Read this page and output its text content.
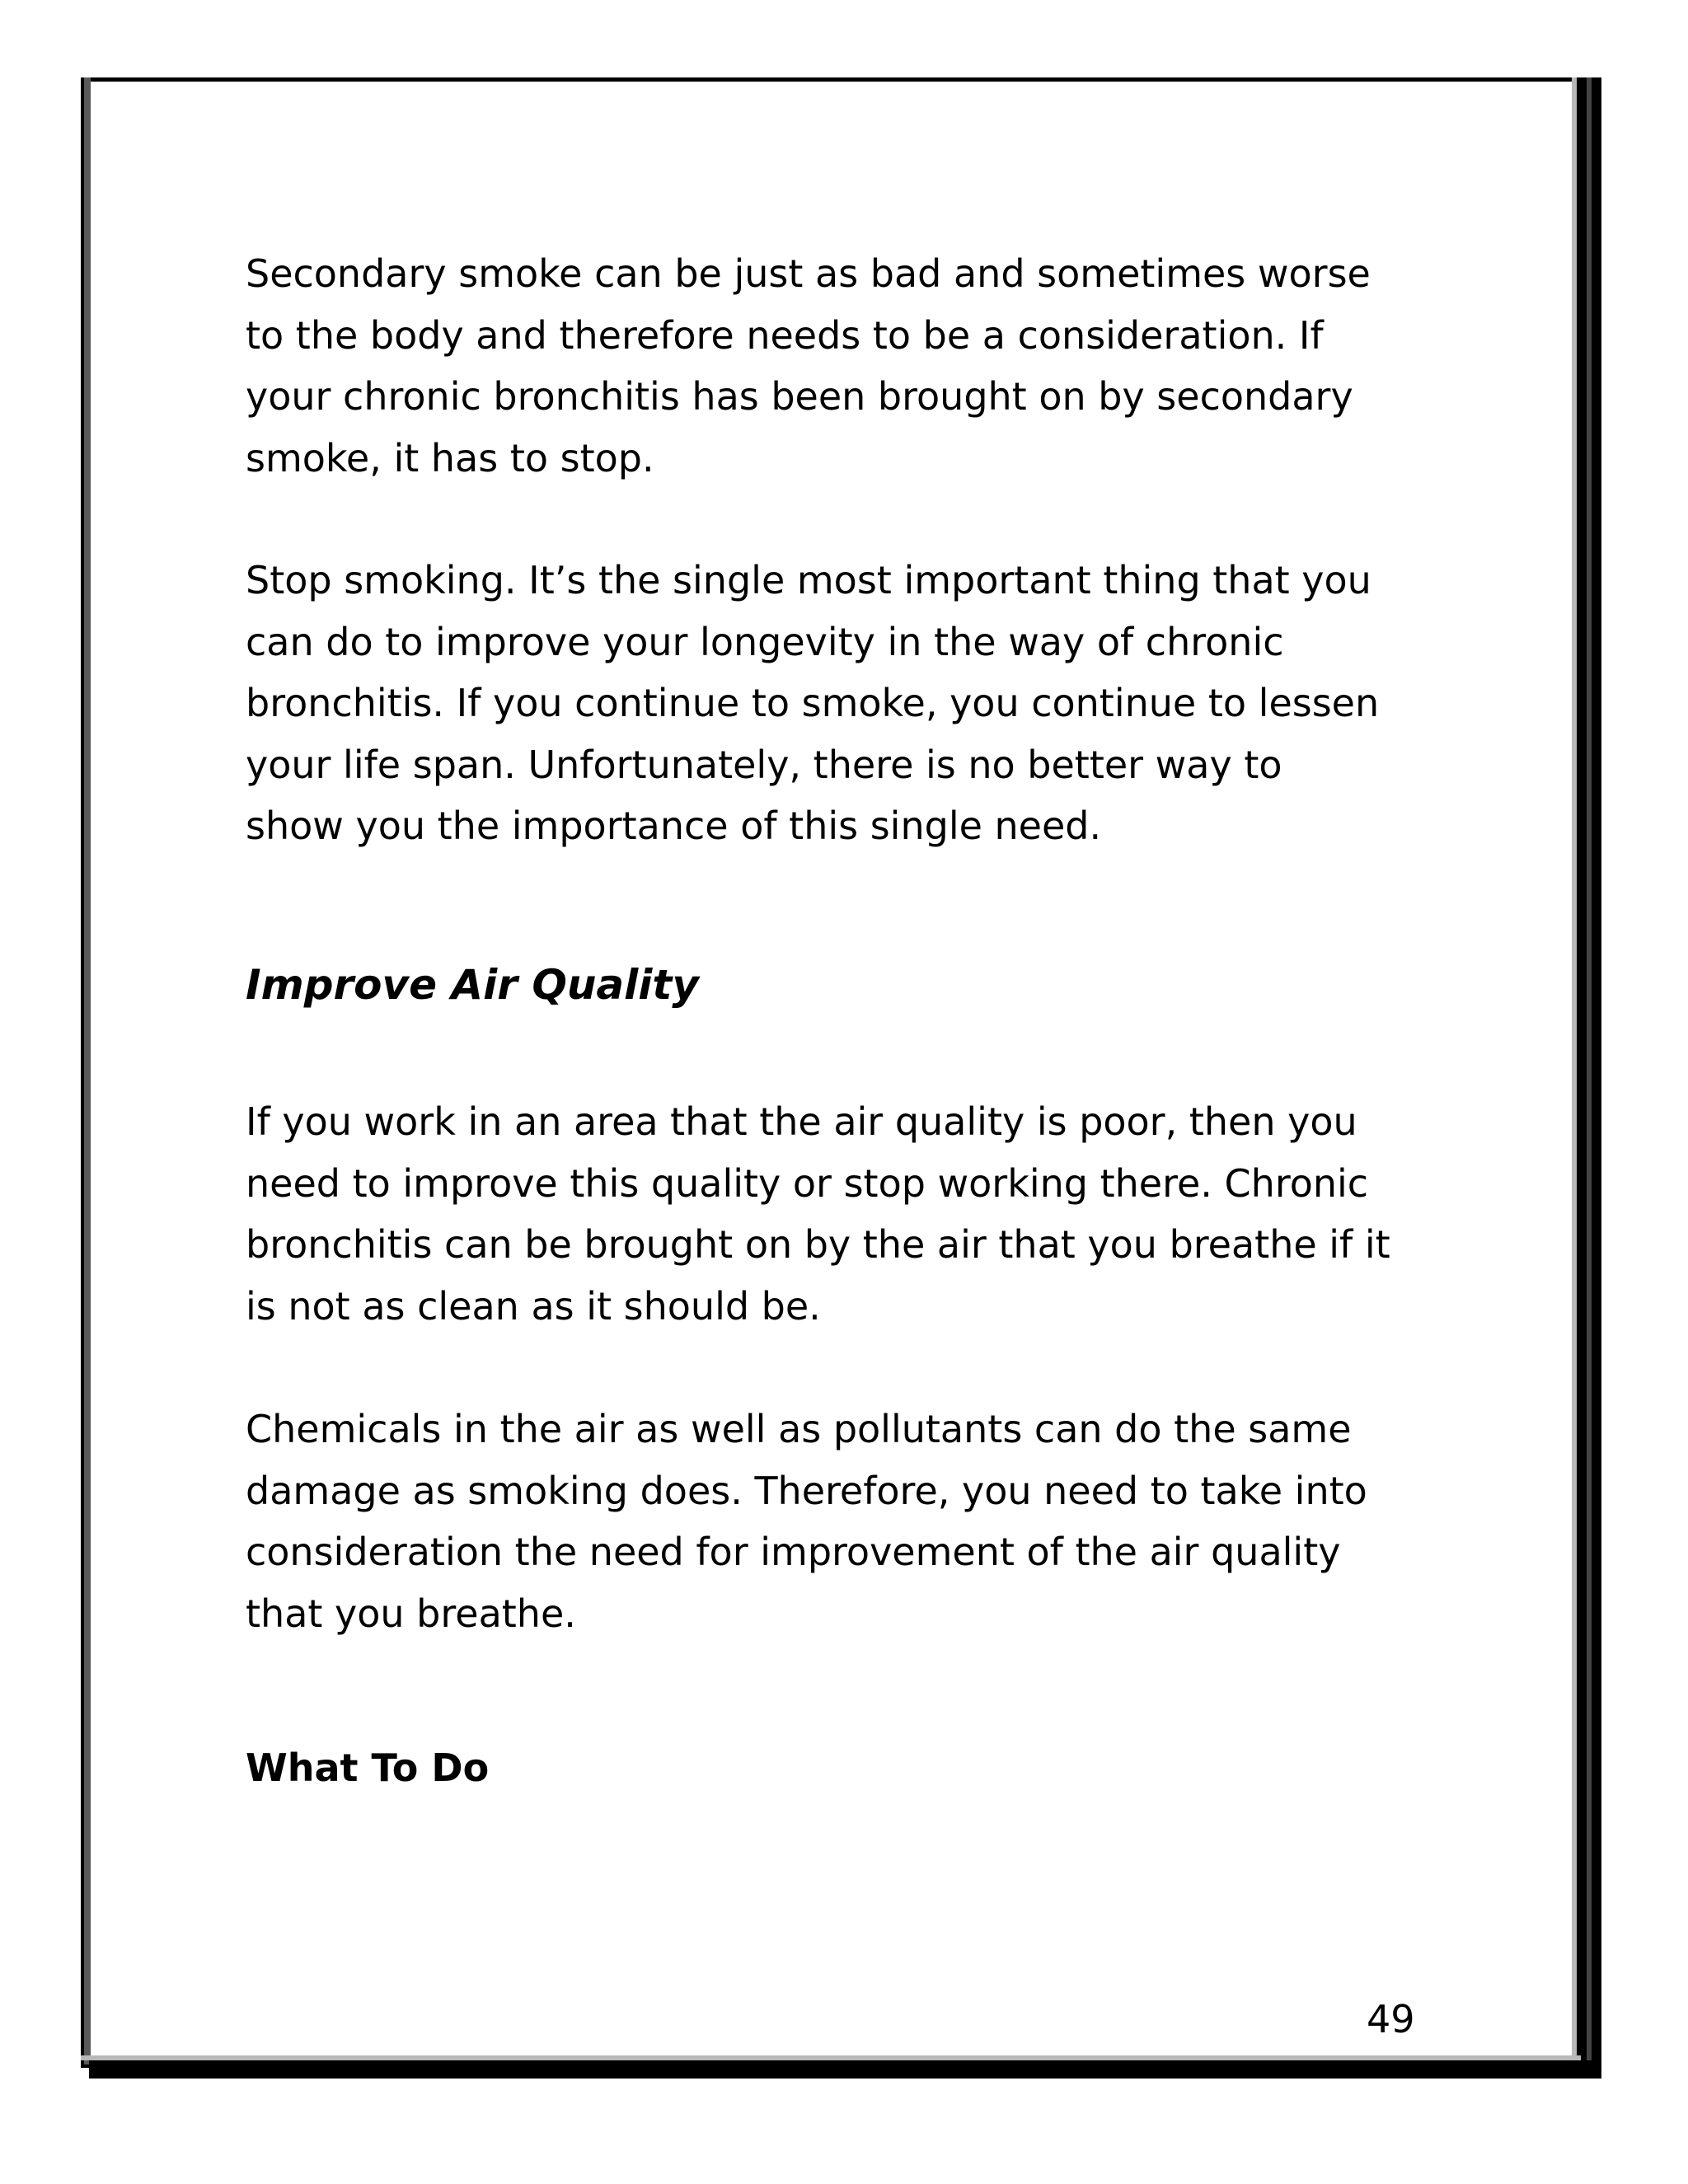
Secondary smoke can be just as bad and sometimes worse
to the body and therefore needs to be a consideration. If
your chronic bronchitis has been brought on by secondary
smoke, it has to stop.

Stop smoking. It’s the single most important thing that you
can do to improve your longevity in the way of chronic
bronchitis. If you continue to smoke, you continue to lessen
your life span. Unfortunately, there is no better way to
show you the importance of this single need.

Improve Air Quality

If you work in an area that the air quality is poor, then you
need to improve this quality or stop working there. Chronic
bronchitis can be brought on by the air that you breathe if it
is not as clean as it should be.

Chemicals in the air as well as pollutants can do the same
damage as smoking does. Therefore, you need to take into
consideration the need for improvement of the air quality
that you breathe.

What To Do
49
